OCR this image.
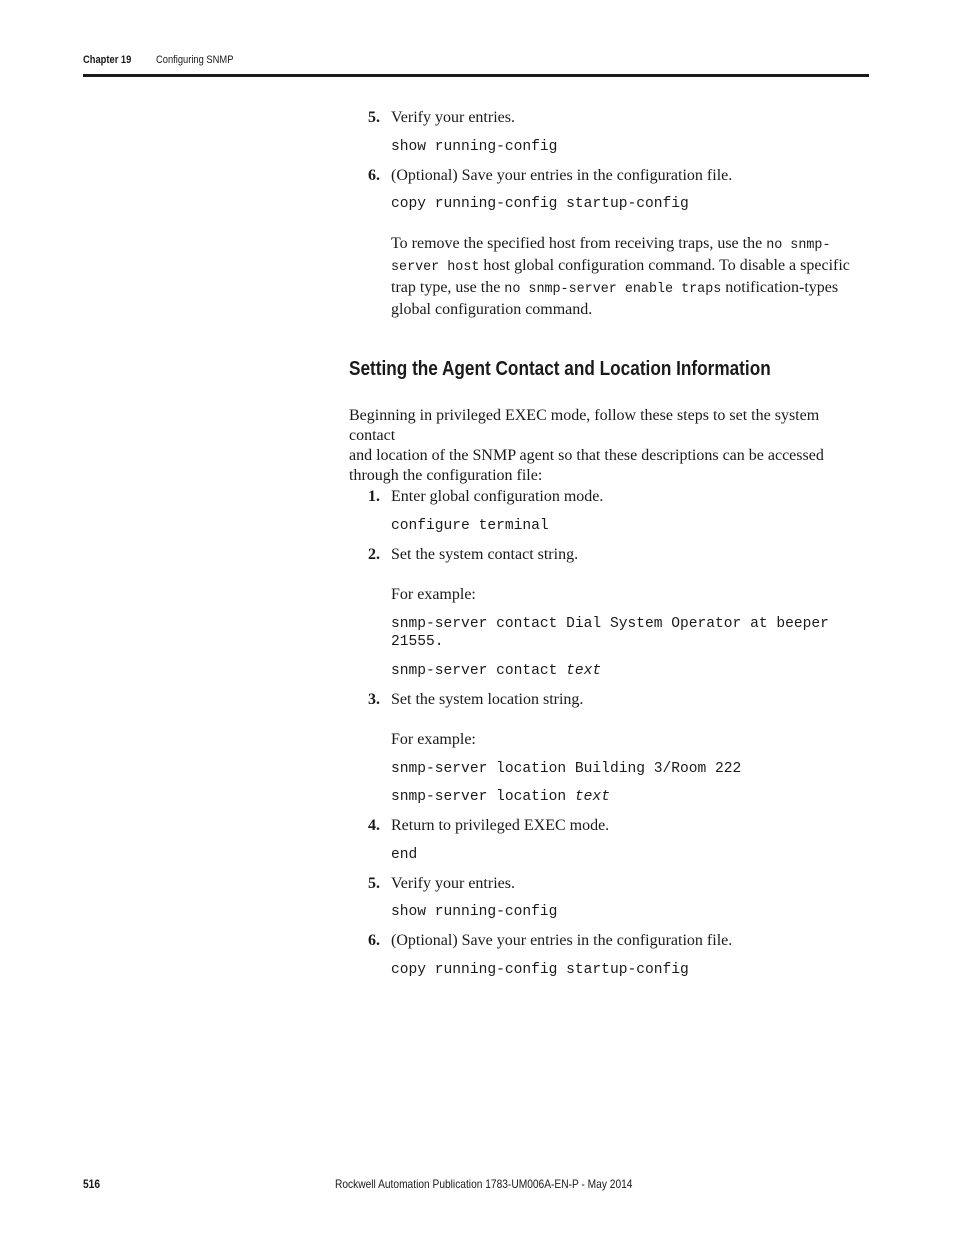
Chapter 19 Configuring SNMP
5. Verify your entries.
show running-config
6. (Optional) Save your entries in the configuration file.
copy running-config startup-config
To remove the specified host from receiving traps, use the no snmp-
server host host global configuration command. To disable a specific
trap type, use the no snmp-server enable traps notification-types
global configuration command.
Setting the Agent Contact and Location Information
Beginning in privileged EXEC mode, follow these steps to set the system contact
and location of the SNMP agent so that these descriptions can be accessed
through the configuration file:
1. Enter global configuration mode.
configure terminal
2. Set the system contact string.
For example:
snmp-server contact Dial System Operator at beeper
21555.
snmp-server contact text
3. Set the system location string.
For example:
snmp-server location Building 3/Room 222
snmp-server location text
4. Return to privileged EXEC mode.
end
5. Verify your entries.
show running-config
6. (Optional) Save your entries in the configuration file.
copy running-config startup-config
516	Rockwell Automation Publication 1783-UM006A-EN-P - May 2014
